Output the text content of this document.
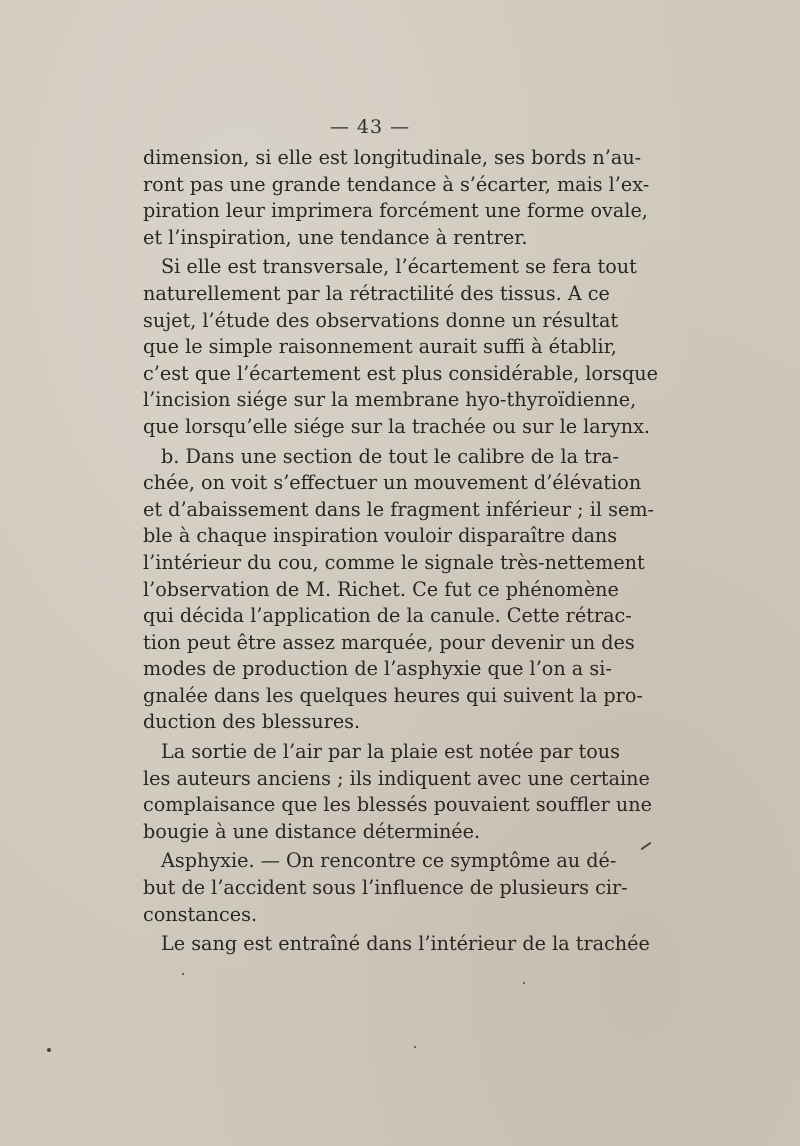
— 43 —
dimension, si elle est longitudinale, ses bords n’au-
ront pas une grande tendance à s’écarter, mais l’ex-
piration leur imprimera forcément une forme ovale,
et l’inspiration, une tendance à rentrer.
Si elle est transversale, l’écartement se fera tout
naturellement par la rétractilité des tissus. A ce
sujet, l’étude des observations donne un résultat
que le simple raisonnement aurait suffi à établir,
c’est que l’écartement est plus considérable, lorsque
l’incision siége sur la membrane hyo-thyroïdienne,
que lorsqu’elle siége sur la trachée ou sur le larynx.
b. Dans une section de tout le calibre de la tra-
chée, on voit s’effectuer un mouvement d’élévation
et d’abaissement dans le fragment inférieur ; il sem-
ble à chaque inspiration vouloir disparaître dans
l’intérieur du cou, comme le signale très-nettement
l’observation de M. Richet. Ce fut ce phénomène
qui décida l’application de la canule. Cette rétrac-
tion peut être assez marquée, pour devenir un des
modes de production de l’asphyxie que l’on a si-
gnalée dans les quelques heures qui suivent la pro-
duction des blessures.
La sortie de l’air par la plaie est notée par tous
les auteurs anciens ; ils indiquent avec une certaine
complaisance que les blessés pouvaient souffler une
bougie à une distance déterminée.
Asphyxie. — On rencontre ce symptôme au dé-
but de l’accident sous l’influence de plusieurs cir-
constances.
Le sang est entraîné dans l’intérieur de la trachée
